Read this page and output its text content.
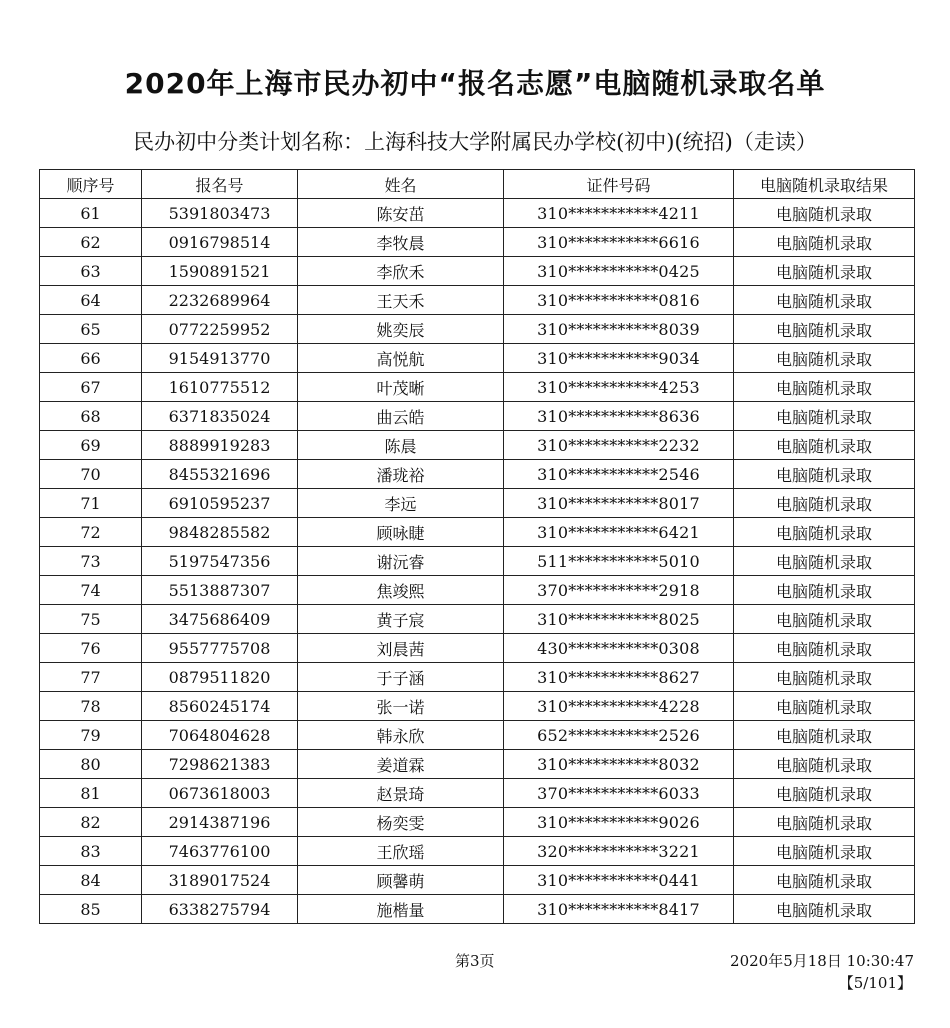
2020年上海市民办初中“报名志愿”电脑随机录取名单
民办初中分类计划名称：上海科技大学附属民办学校(初中)(统招)（走读）
顺序号	报名号	姓名	证件号码	电脑随机录取结果
61	5391803473	陈安茁	310***********4211	电脑随机录取
62	0916798514	李牧晨	310***********6616	电脑随机录取
63	1590891521	李欣禾	310***********0425	电脑随机录取
64	2232689964	王天禾	310***********0816	电脑随机录取
65	0772259952	姚奕辰	310***********8039	电脑随机录取
66	9154913770	高悦航	310***********9034	电脑随机录取
67	1610775512	叶茂晰	310***********4253	电脑随机录取
68	6371835024	曲云皓	310***********8636	电脑随机录取
69	8889919283	陈晨	310***********2232	电脑随机录取
70	8455321696	潘珑裕	310***********2546	电脑随机录取
71	6910595237	李远	310***********8017	电脑随机录取
72	9848285582	顾咏睫	310***********6421	电脑随机录取
73	5197547356	谢沅睿	511***********5010	电脑随机录取
74	5513887307	焦竣熙	370***********2918	电脑随机录取
75	3475686409	黄子宸	310***********8025	电脑随机录取
76	9557775708	刘晨茜	430***********0308	电脑随机录取
77	0879511820	于子涵	310***********8627	电脑随机录取
78	8560245174	张一诺	310***********4228	电脑随机录取
79	7064804628	韩永欣	652***********2526	电脑随机录取
80	7298621383	姜道霖	310***********8032	电脑随机录取
81	0673618003	赵景琦	370***********6033	电脑随机录取
82	2914387196	杨奕雯	310***********9026	电脑随机录取
83	7463776100	王欣瑶	320***********3221	电脑随机录取
84	3189017524	顾馨萌	310***********0441	电脑随机录取
85	6338275794	施楷量	310***********8417	电脑随机录取
第3页	2020年5月18日 10:30:47
【5/101】
